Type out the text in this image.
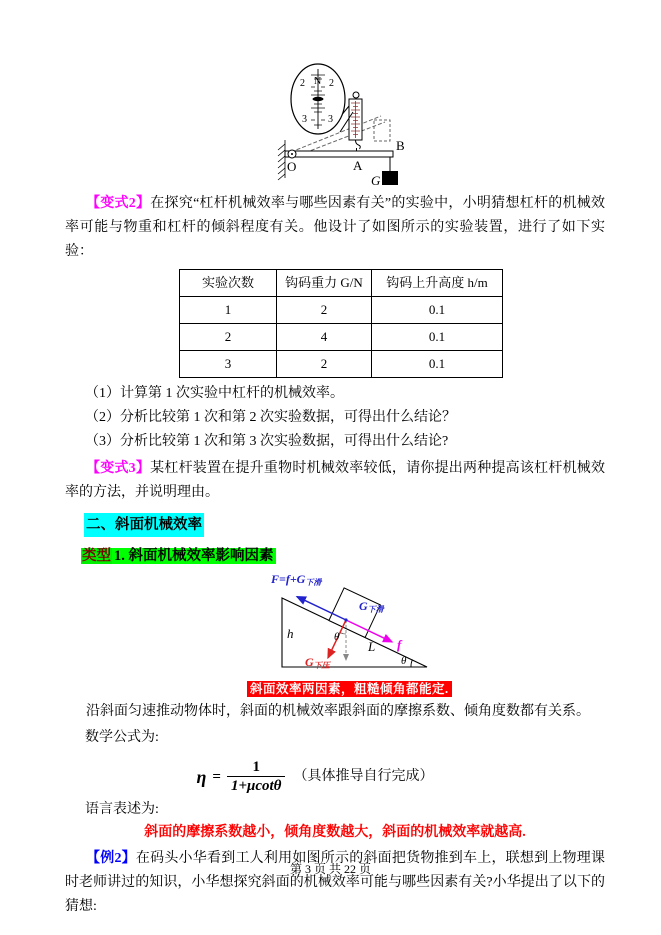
2 N 2
3 3
O	A
B
G

【变式2】在探究“杠杆机械效率与哪些因素有关”的实验中，小明猜想杠杆的机械效率可能与物重和杠杆的倾斜程度有关。他设计了如图所示的实验装置，进行了如下实验：

实验次数	钩码重力 G/N	钩码上升高度 h/m
1	2	0.1
2	4	0.1
3	2	0.1

（1）计算第 1 次实验中杠杆的机械效率。

（2）分析比较第 1 次和第 2 次实验数据，可得出什么结论？

（3）分析比较第 1 次和第 3 次实验数据，可得出什么结论?

【变式3】某杠杆装置在提升重物时机械效率较低，请你提出两种提高该杠杆机械效率的方法，并说明理由。

二、斜面机械效率
类型 1. 斜面机械效率影响因素
F=f+G下滑
G下滑
f
G下压
h
L
θ
θ
斜面效率两因素，粗糙倾角都能定.

沿斜面匀速推动物体时，斜面的机械效率跟斜面的摩擦系数、倾角度数都有关系。

数学公式为:

$\eta = \frac{1}{1+\mu\cot\theta}$ （具体推导自行完成）

语言表述为:

斜面的摩擦系数越小，倾角度数越大，斜面的机械效率就越高.

【例2】在码头小华看到工人利用如图所示的斜面把货物推到车上，联想到上物理课时老师讲过的知识，小华想探究斜面的机械效率可能与哪些因素有关?小华提出了以下的猜想:

第 3 页 共 22 页
